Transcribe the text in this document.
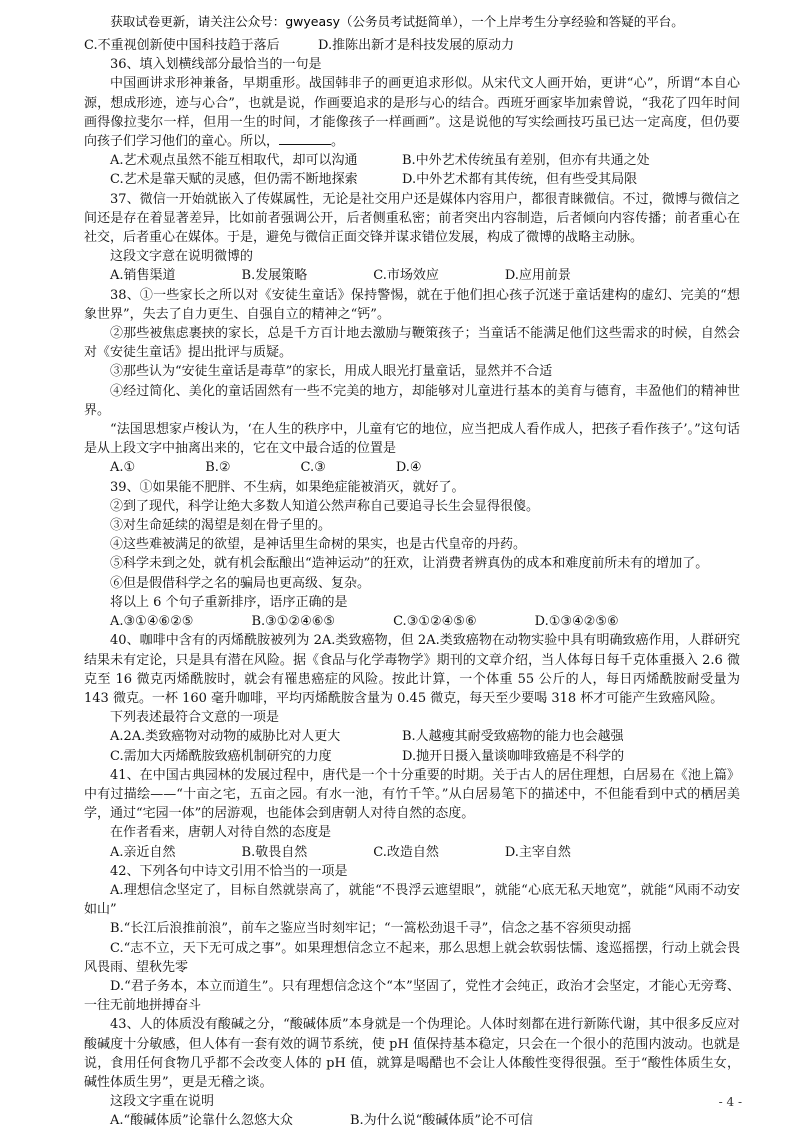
获取试卷更新，请关注公众号：gwyeasy（公务员考试挺简单），一个上岸考生分享经验和答疑的平台。
C.不重视创新使中国科技趋于落后	D.推陈出新才是科技发展的原动力

36、填入划横线部分最恰当的一句是

中国画讲求形神兼备，早期重形。战国韩非子的画更追求形似。从宋代文人画开始，更讲“心”，所谓“本自心源，想成形迹，迹与心合”，也就是说，作画要追求的是形与心的结合。西班牙画家毕加索曾说，“我花了四年时间画得像拉斐尔一样，但用一生的时间，才能像孩子一样画画”。这是说他的写实绘画技巧虽已达一定高度，但仍要向孩子们学习他们的童心。所以，	。

A.艺术观点虽然不能互相取代，却可以沟通	B.中外艺术传统虽有差别，但亦有共通之处
C.艺术是靠天赋的灵感，但仍需不断地探索	D.中外艺术都有其传统，但有些受其局限

37、微信一开始就嵌入了传媒属性，无论是社交用户还是媒体内容用户，都很青睐微信。不过，微博与微信之间还是存在着显著差异，比如前者强调公开，后者侧重私密；前者突出内容制造，后者倾向内容传播；前者重心在社交，后者重心在媒体。于是，避免与微信正面交锋并谋求错位发展，构成了微博的战略主动脉。

这段文字意在说明微博的

A.销售渠道	B.发展策略	C.市场效应	D.应用前景

38、①一些家长之所以对《安徒生童话》保持警惕，就在于他们担心孩子沉迷于童话建构的虚幻、完美的“想象世界”，失去了自力更生、自强自立的精神之“钙”。

②那些被焦虑裹挟的家长，总是千方百计地去激励与鞭策孩子；当童话不能满足他们这些需求的时候，自然会对《安徒生童话》提出批评与质疑。

③那些认为“安徒生童话是毒草”的家长，用成人眼光打量童话，显然并不合适

④经过简化、美化的童话固然有一些不完美的地方，却能够对儿童进行基本的美育与德育，丰盈他们的精神世界。

“法国思想家卢梭认为，‘在人生的秩序中，儿童有它的地位，应当把成人看作成人，把孩子看作孩子’。”这句话是从上段文字中抽离出来的，它在文中最合适的位置是

A.①	B.②	C.③	D.④

39、①如果能不肥胖、不生病，如果绝症能被消灭，就好了。

②到了现代，科学让绝大多数人知道公然声称自己要追寻长生会显得很傻。

③对生命延续的渴望是刻在骨子里的。

④这些难被满足的欲望，是神话里生命树的果实，也是古代皇帝的丹药。

⑤科学未到之处，就有机会酝酿出“造神运动”的狂欢，让消费者辨真伪的成本和难度前所未有的增加了。

⑥但是假借科学之名的骗局也更高级、复杂。

将以上 6 个句子重新排序，语序正确的是

A.③①④⑥②⑤	B.③①②④⑥⑤	C.③①②④⑤⑥	D.①③④②⑤⑥

40、咖啡中含有的丙烯酰胺被列为 2A.类致癌物，但 2A.类致癌物在动物实验中具有明确致癌作用，人群研究结果未有定论，只是具有潜在风险。据《食品与化学毒物学》期刊的文章介绍，当人体每日每千克体重摄入 2.6 微克至 16 微克丙烯酰胺时，就会有罹患癌症的风险。按此计算，一个体重 55 公斤的人，每日丙烯酰胺耐受量为 143 微克。一杯 160 毫升咖啡，平均丙烯酰胺含量为 0.45 微克，每天至少要喝 318 杯才可能产生致癌风险。

下列表述最符合文意的一项是

A.2A.类致癌物对动物的威胁比对人更大	B.人越瘦其耐受致癌物的能力也会越强
C.需加大丙烯酰胺致癌机制研究的力度	D.抛开日摄入量谈咖啡致癌是不科学的

41、在中国古典园林的发展过程中，唐代是一个十分重要的时期。关于古人的居住理想，白居易在《池上篇》中有过描绘——“十亩之宅，五亩之园。有水一池，有竹千竿。”从白居易笔下的描述中，不但能看到中式的栖居美学，通过“宅园一体”的居游观，也能体会到唐朝人对待自然的态度。

在作者看来，唐朝人对待自然的态度是

A.亲近自然	B.敬畏自然	C.改造自然	D.主宰自然

42、下列各句中诗文引用不恰当的一项是

A.理想信念坚定了，目标自然就崇高了，就能“不畏浮云遮望眼”，就能“心底无私天地宽”，就能“风雨不动安如山”

B.“长江后浪推前浪”，前车之鉴应当时刻牢记；“一篙松劲退千寻”，信念之基不容须臾动摇

C.“志不立，天下无可成之事”。如果理想信念立不起来，那么思想上就会软弱怯懦、逡巡摇摆，行动上就会畏风畏雨、望秋先零

D.“君子务本，本立而道生”。只有理想信念这个“本”坚固了，党性才会纯正，政治才会坚定，才能心无旁骛、一往无前地拼搏奋斗

43、人的体质没有酸碱之分，“酸碱体质”本身就是一个伪理论。人体时刻都在进行新陈代谢，其中很多反应对酸碱度十分敏感，但人体有一套有效的调节系统，使 pH 值保持基本稳定，只会在一个很小的范围内波动。也就是说，食用任何食物几乎都不会改变人体的 pH 值，就算是喝醋也不会让人体酸性变得很强。至于“酸性体质生女，碱性体质生男”，更是无稽之谈。

这段文字重在说明

A.“酸碱体质”论靠什么忽悠大众	B.为什么说“酸碱体质”论不可信
- 4 -
